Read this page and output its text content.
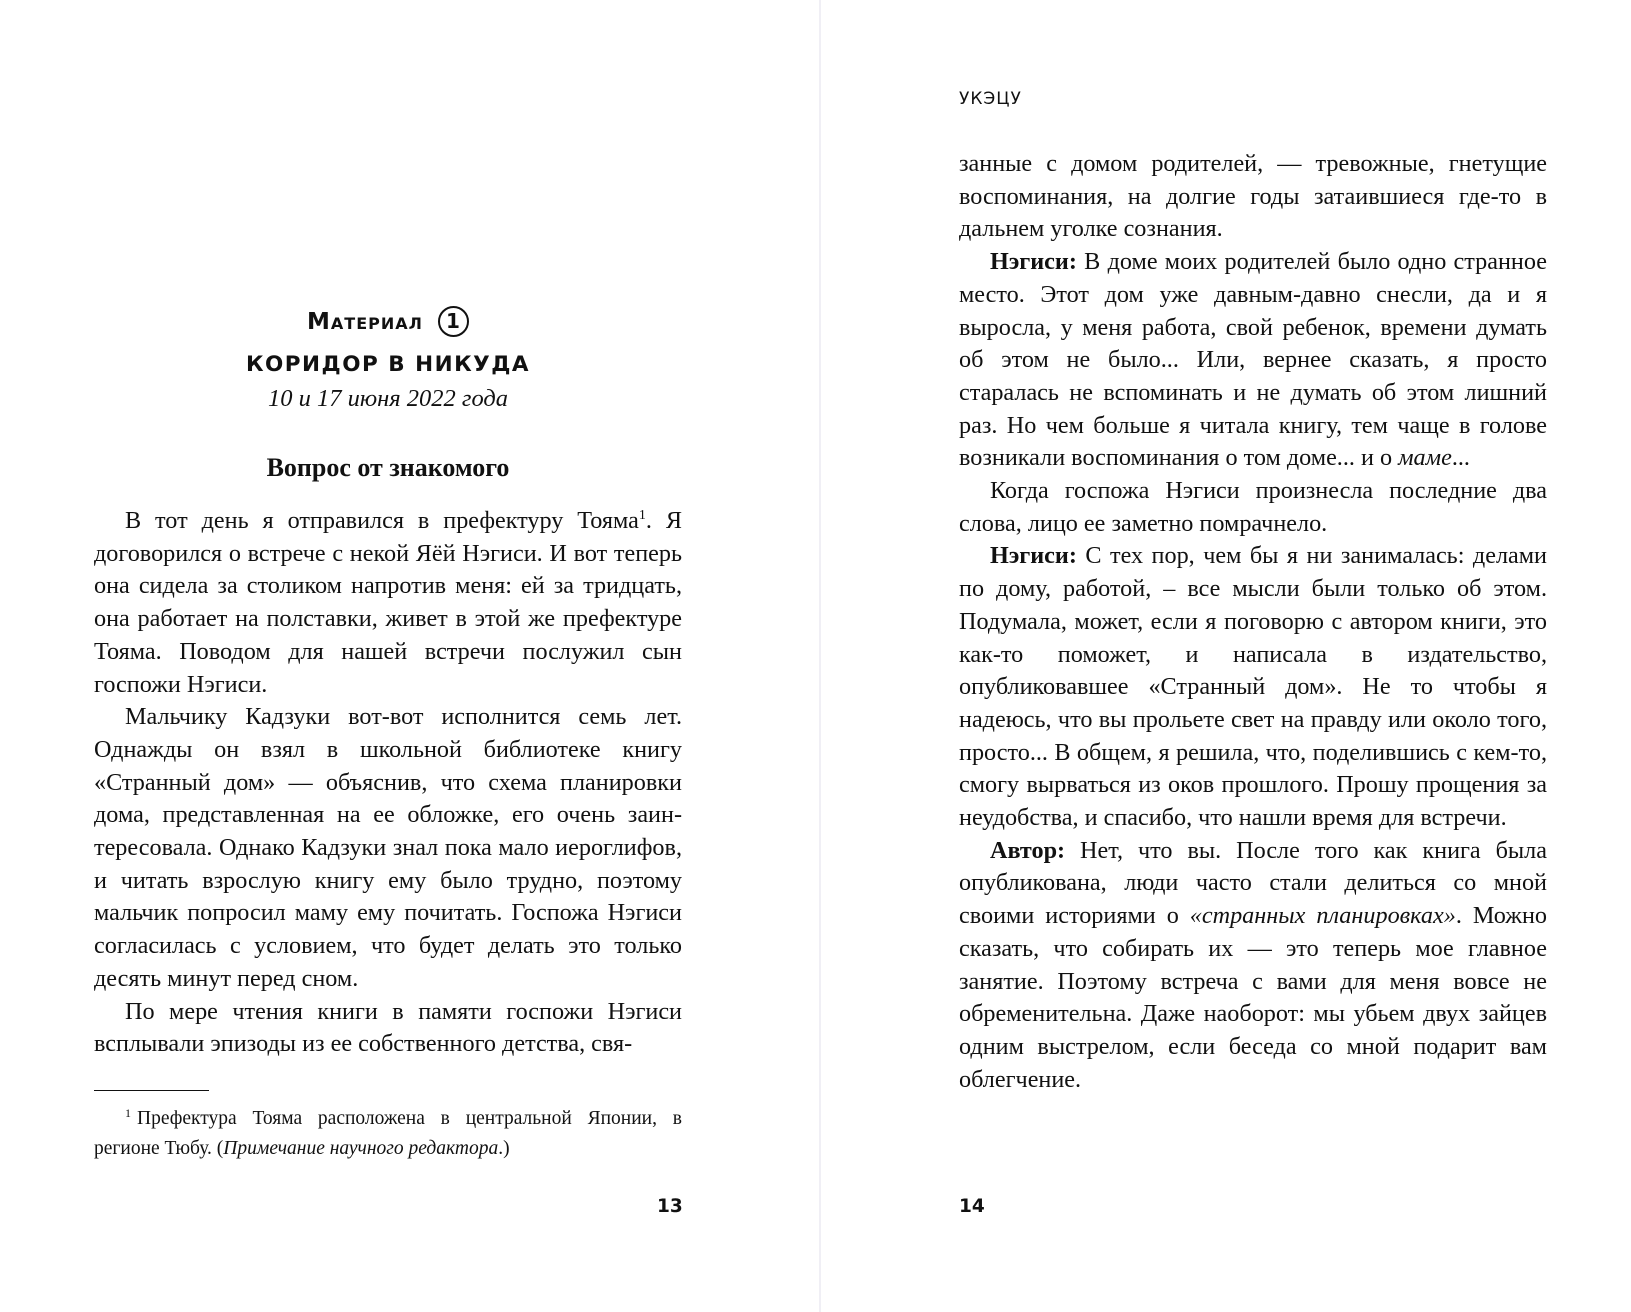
Материал 1
КОРИДОР В НИКУДА
10 и 17 июня 2022 года
Вопрос от знакомого

В тот день я отправился в префектуру Тояма$^1$. Я договорился о встрече с некой Яёй Нэгиси. И вот теперь она сидела за столиком напротив меня: ей за тридцать, она работает на полставки, живет в этой же префектуре Тояма. Поводом для нашей встречи послужил сын госпожи Нэгиси.

Мальчику Кадзуки вот-вот исполнится семь лет. Однажды он взял в школьной библиотеке книгу «Странный дом» — объяснив, что схема планировки дома, представленная на ее обложке, его очень заинтересовала. Однако Кадзуки знал пока мало иероглифов, и читать взрослую книгу ему было трудно, поэтому мальчик попросил маму ему почитать. Госпожа Нэгиси согласилась с условием, что будет делать это только десять минут перед сном.

По мере чтения книги в памяти госпожи Нэгиси всплывали эпизоды из ее собственного детства, свя-

$^1$ Префектура Тояма расположена в центральной Японии, в регионе Тюбу. (Примечание научного редактора.)

13
УКЭЦУ

занные с домом родителей, — тревожные, гнетущие воспоминания, на долгие годы затаившиеся где-то в дальнем уголке сознания.

Нэгиси: В доме моих родителей было одно странное место. Этот дом уже давным-давно снесли, да и я выросла, у меня работа, свой ребенок, времени думать об этом не было... Или, вернее сказать, я просто старалась не вспоминать и не думать об этом лишний раз. Но чем больше я читала книгу, тем чаще в голове возникали воспоминания о том доме... и о маме...

Когда госпожа Нэгиси произнесла последние два слова, лицо ее заметно помрачнело.

Нэгиси: С тех пор, чем бы я ни занималась: делами по дому, работой, – все мысли были только об этом. Подумала, может, если я поговорю с автором книги, это как-то поможет, и написала в издательство, опубликовавшее «Странный дом». Не то чтобы я надеюсь, что вы прольете свет на правду или около того, просто... В общем, я решила, что, поделившись с кем-то, смогу вырваться из оков прошлого. Прошу прощения за неудобства, и спасибо, что нашли время для встречи.

Автор: Нет, что вы. После того как книга была опубликована, люди часто стали делиться со мной своими историями о «странных планировках». Можно сказать, что собирать их — это теперь мое главное занятие. Поэтому встреча с вами для меня вовсе не обременительна. Даже наоборот: мы убьем двух зайцев одним выстрелом, если беседа со мной подарит вам облегчение.

14
